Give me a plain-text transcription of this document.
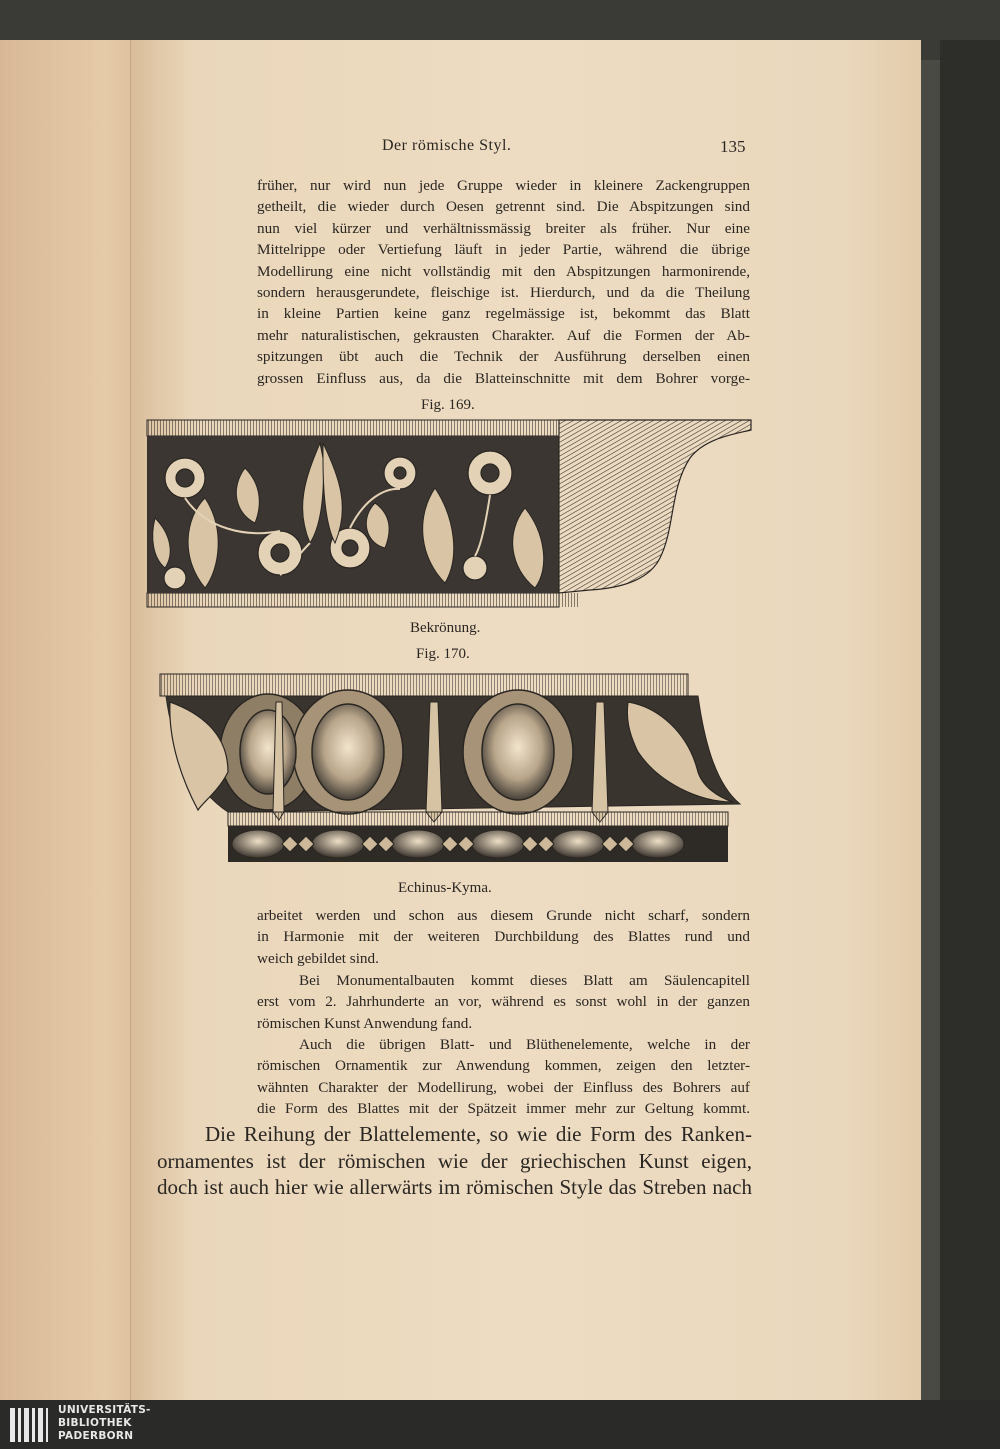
Der römische Styl.	135

früher, nur wird nun jede Gruppe wieder in kleinere Zackengruppen
getheilt, die wieder durch Oesen getrennt sind. Die Abspitzungen sind
nun viel kürzer und verhältnissmässig breiter als früher. Nur eine
Mittelrippe oder Vertiefung läuft in jeder Partie, während die übrige
Modellirung eine nicht vollständig mit den Abspitzungen harmonirende,
sondern herausgerundete, fleischige ist. Hierdurch, und da die Theilung
in kleine Partien keine ganz regelmässige ist, bekommt das Blatt
mehr naturalistischen, gekrausten Charakter. Auf die Formen der Ab-
spitzungen übt auch die Technik der Ausführung derselben einen
grossen Einfluss aus, da die Blatteinschnitte mit dem Bohrer vorge-

Fig. 169.
Bekrönung.
Fig. 170.
Echinus-Kyma.

arbeitet werden und schon aus diesem Grunde nicht scharf, sondern
in Harmonie mit der weiteren Durchbildung des Blattes rund und
weich gebildet sind.

Bei Monumentalbauten kommt dieses Blatt am Säulencapitell
erst vom 2. Jahrhunderte an vor, während es sonst wohl in der ganzen
römischen Kunst Anwendung fand.

Auch die übrigen Blatt- und Blüthenelemente, welche in der
römischen Ornamentik zur Anwendung kommen, zeigen den letzter-
wähnten Charakter der Modellirung, wobei der Einfluss des Bohrers auf
die Form des Blattes mit der Spätzeit immer mehr zur Geltung kommt.

Die Reihung der Blattelemente, so wie die Form des Ranken-
ornamentes ist der römischen wie der griechischen Kunst eigen,
doch ist auch hier wie allerwärts im römischen Style das Streben nach

UNIVERSITÄTS-
BIBLIOTHEK
PADERBORN
